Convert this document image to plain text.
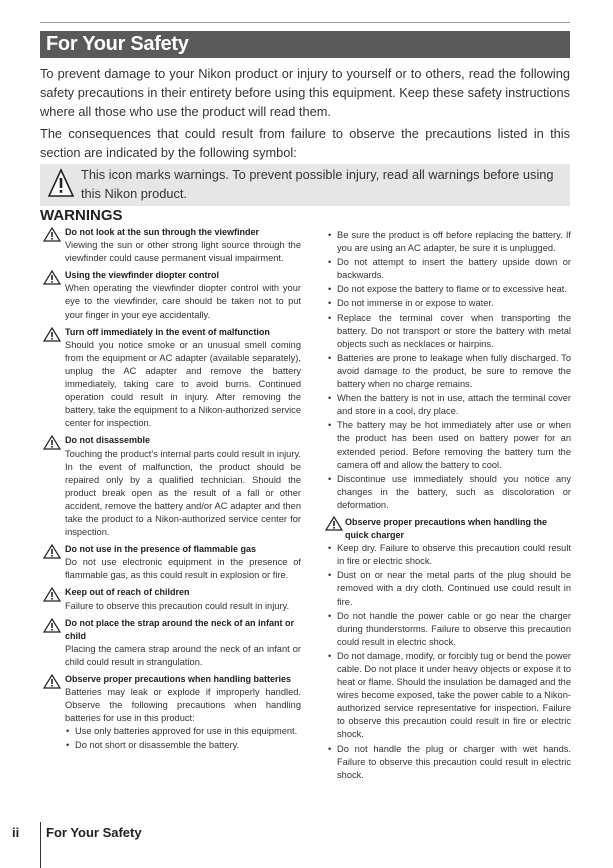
For Your Safety

To prevent damage to your Nikon product or injury to yourself or to others, read the following safety precautions in their entirety before using this equipment. Keep these safety instructions where all those who use the product will read them.

The consequences that could result from failure to observe the precautions listed in this section are indicated by the following symbol:

This icon marks warnings. To prevent possible injury, read all warnings before using this Nikon product.

WARNINGS
Do not look at the sun through the viewfinder
Viewing the sun or other strong light source through the viewfinder could cause permanent visual impairment.
Using the viewfinder diopter control
When operating the viewfinder diopter control with your eye to the viewfinder, care should be taken not to put your finger in your eye accidentally.
Turn off immediately in the event of malfunction
Should you notice smoke or an unusual smell coming from the equipment or AC adapter (available separately), unplug the AC adapter and remove the battery immediately, taking care to avoid burns. Continued operation could result in injury. After removing the battery, take the equipment to a Nikon-authorized service center for inspection.
Do not disassemble
Touching the product’s internal parts could result in injury. In the event of malfunction, the product should be repaired only by a qualified technician. Should the product break open as the result of a fall or other accident, remove the battery and/or AC adapter and then take the product to a Nikon-authorized service center for inspection.
Do not use in the presence of flammable gas
Do not use electronic equipment in the presence of flammable gas, as this could result in explosion or fire.
Keep out of reach of children
Failure to observe this precaution could result in injury.
Do not place the strap around the neck of an infant or child
Placing the camera strap around the neck of an infant or child could result in strangulation.
Observe proper precautions when handling batteries
Batteries may leak or explode if improperly handled. Observe the following precautions when handling batteries for use in this product:
• Use only batteries approved for use in this equipment.
• Do not short or disassemble the battery.
• Be sure the product is off before replacing the battery. If you are using an AC adapter, be sure it is unplugged.
• Do not attempt to insert the battery upside down or backwards.
• Do not expose the battery to flame or to excessive heat.
• Do not immerse in or expose to water.
• Replace the terminal cover when transporting the battery. Do not transport or store the battery with metal objects such as necklaces or hairpins.
• Batteries are prone to leakage when fully discharged. To avoid damage to the product, be sure to remove the battery when no charge remains.
• When the battery is not in use, attach the terminal cover and store in a cool, dry place.
• The battery may be hot immediately after use or when the product has been used on battery power for an extended period. Before removing the battery turn the camera off and allow the battery to cool.
• Discontinue use immediately should you notice any changes in the battery, such as discoloration or deformation.
Observe proper precautions when handling the quick charger
• Keep dry. Failure to observe this precaution could result in fire or electric shock.
• Dust on or near the metal parts of the plug should be removed with a dry cloth. Continued use could result in fire.
• Do not handle the power cable or go near the charger during thunderstorms. Failure to observe this precaution could result in electric shock.
• Do not damage, modify, or forcibly tug or bend the power cable. Do not place it under heavy objects or expose it to heat or flame. Should the insulation be damaged and the wires become exposed, take the power cable to a Nikon-authorized service representative for inspection. Failure to observe this precaution could result in fire or electric shock.
• Do not handle the plug or charger with wet hands. Failure to observe this precaution could result in electric shock.
ii For Your Safety
